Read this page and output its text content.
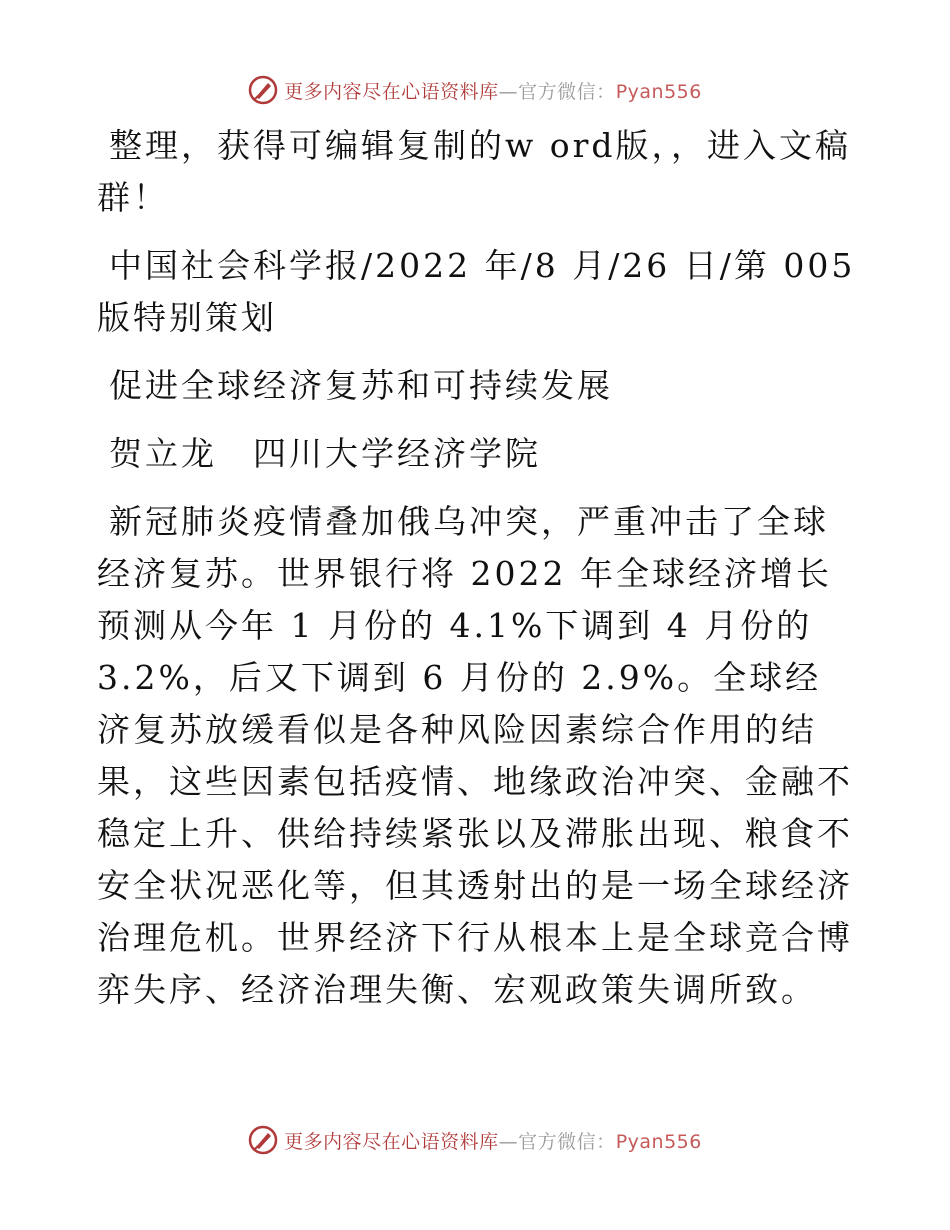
更多内容尽在心语资料库—官方微信：Pyan556

整理，获得可编辑复制的w ord版，，进入文稿群！

中国社会科学报/2022 年/8 月/26 日/第 005 版特别策划

促进全球经济复苏和可持续发展

贺立龙　四川大学经济学院

新冠肺炎疫情叠加俄乌冲突，严重冲击了全球经济复苏。世界银行将 2022 年全球经济增长预测从今年 1 月份的 4.1%下调到 4 月份的 3.2%，后又下调到 6 月份的 2.9%。全球经济复苏放缓看似是各种风险因素综合作用的结果，这些因素包括疫情、地缘政治冲突、金融不稳定上升、供给持续紧张以及滞胀出现、粮食不安全状况恶化等，但其透射出的是一场全球经济治理危机。世界经济下行从根本上是全球竞合博弈失序、经济治理失衡、宏观政策失调所致。

更多内容尽在心语资料库—官方微信：Pyan556
